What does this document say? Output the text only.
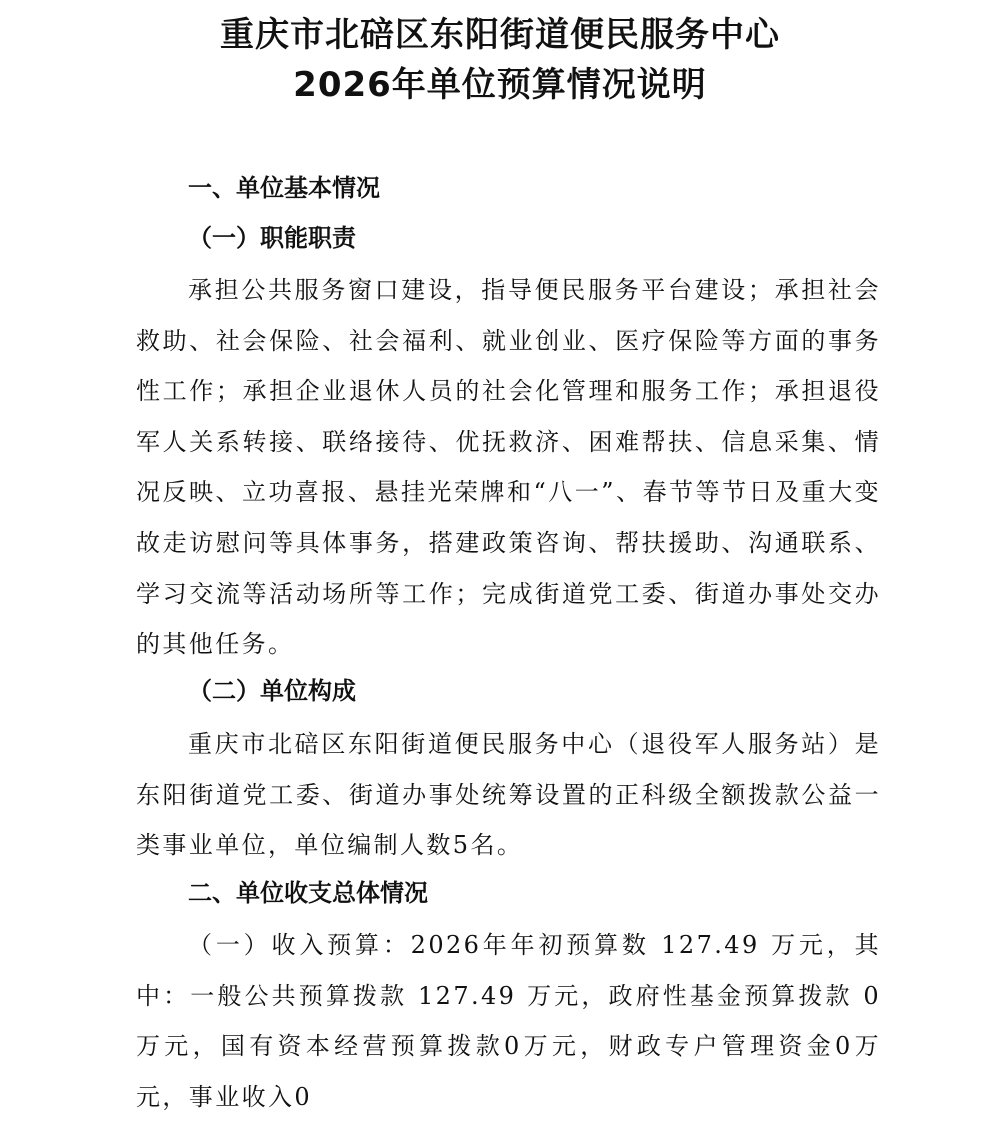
重庆市北碚区东阳街道便民服务中心
2026年单位预算情况说明
一、单位基本情况
（一）职能职责

承担公共服务窗口建设，指导便民服务平台建设；承担社会救助、社会保险、社会福利、就业创业、医疗保险等方面的事务性工作；承担企业退休人员的社会化管理和服务工作；承担退役军人关系转接、联络接待、优抚救济、困难帮扶、信息采集、情况反映、立功喜报、悬挂光荣牌和“八一”、春节等节日及重大变故走访慰问等具体事务，搭建政策咨询、帮扶援助、沟通联系、学习交流等活动场所等工作；完成街道党工委、街道办事处交办的其他任务。

（二）单位构成

重庆市北碚区东阳街道便民服务中心（退役军人服务站）是东阳街道党工委、街道办事处统筹设置的正科级全额拨款公益一类事业单位，单位编制人数5名。

二、单位收支总体情况

（一）收入预算：2026年年初预算数 127.49 万元，其中：一般公共预算拨款 127.49 万元，政府性基金预算拨款 0 万元，国有资本经营预算拨款0万元，财政专户管理资金0万元，事业收入0
